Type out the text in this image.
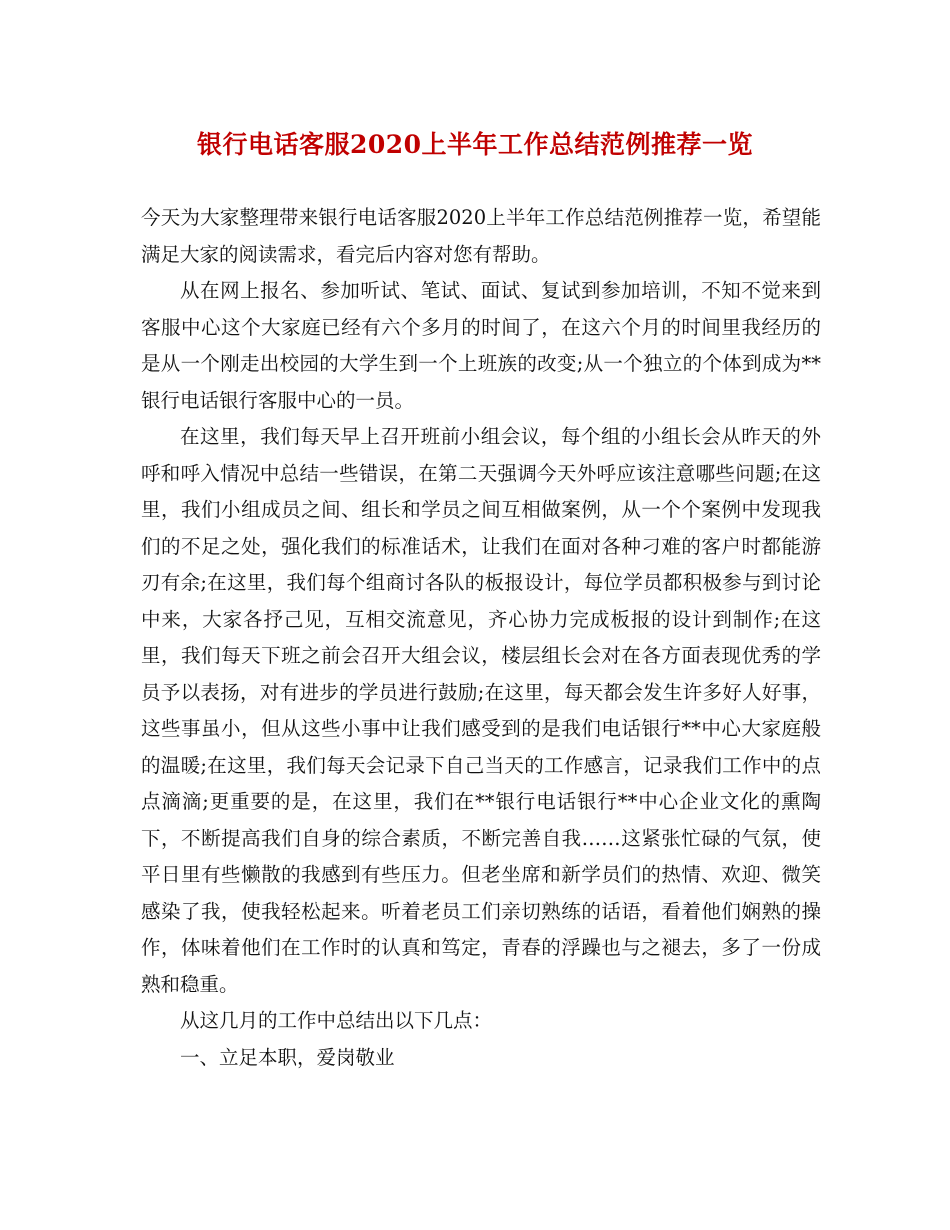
银行电话客服2020上半年工作总结范例推荐一览

今天为大家整理带来银行电话客服2020上半年工作总结范例推荐一览，希望能满足大家的阅读需求，看完后内容对您有帮助。

从在网上报名、参加听试、笔试、面试、复试到参加培训，不知不觉来到客服中心这个大家庭已经有六个多月的时间了，在这六个月的时间里我经历的是从一个刚走出校园的大学生到一个上班族的改变;从一个独立的个体到成为**银行电话银行客服中心的一员。

在这里，我们每天早上召开班前小组会议，每个组的小组长会从昨天的外呼和呼入情况中总结一些错误，在第二天强调今天外呼应该注意哪些问题;在这里，我们小组成员之间、组长和学员之间互相做案例，从一个个案例中发现我们的不足之处，强化我们的标准话术，让我们在面对各种刁难的客户时都能游刃有余;在这里，我们每个组商讨各队的板报设计，每位学员都积极参与到讨论中来，大家各抒己见，互相交流意见，齐心协力完成板报的设计到制作;在这里，我们每天下班之前会召开大组会议，楼层组长会对在各方面表现优秀的学员予以表扬，对有进步的学员进行鼓励;在这里，每天都会发生许多好人好事，这些事虽小，但从这些小事中让我们感受到的是我们电话银行**中心大家庭般的温暖;在这里，我们每天会记录下自己当天的工作感言，记录我们工作中的点点滴滴;更重要的是，在这里，我们在**银行电话银行**中心企业文化的熏陶下，不断提高我们自身的综合素质，不断完善自我……这紧张忙碌的气氛，使平日里有些懒散的我感到有些压力。但老坐席和新学员们的热情、欢迎、微笑感染了我，使我轻松起来。听着老员工们亲切熟练的话语，看着他们娴熟的操作，体味着他们在工作时的认真和笃定，青春的浮躁也与之褪去，多了一份成熟和稳重。

从这几月的工作中总结出以下几点：

一、立足本职，爱岗敬业
